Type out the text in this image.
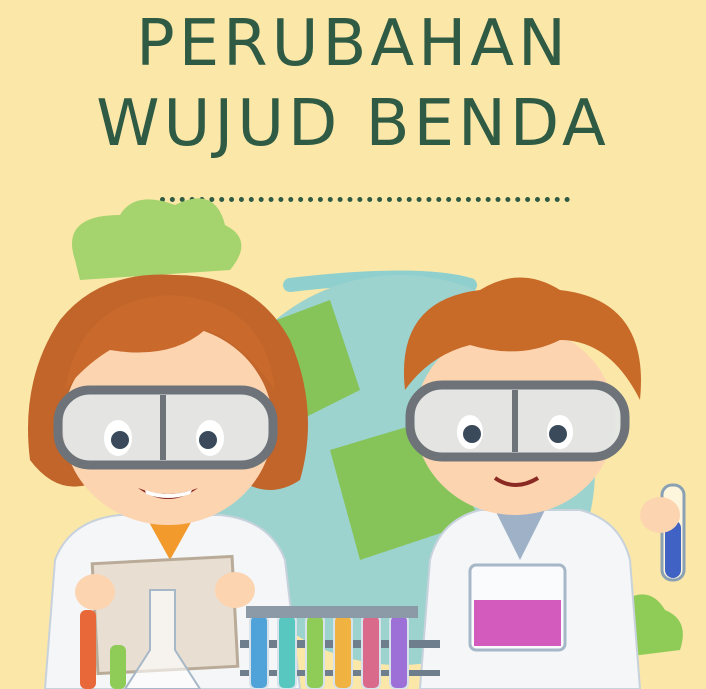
PERUBAHAN
WUJUD BENDA
